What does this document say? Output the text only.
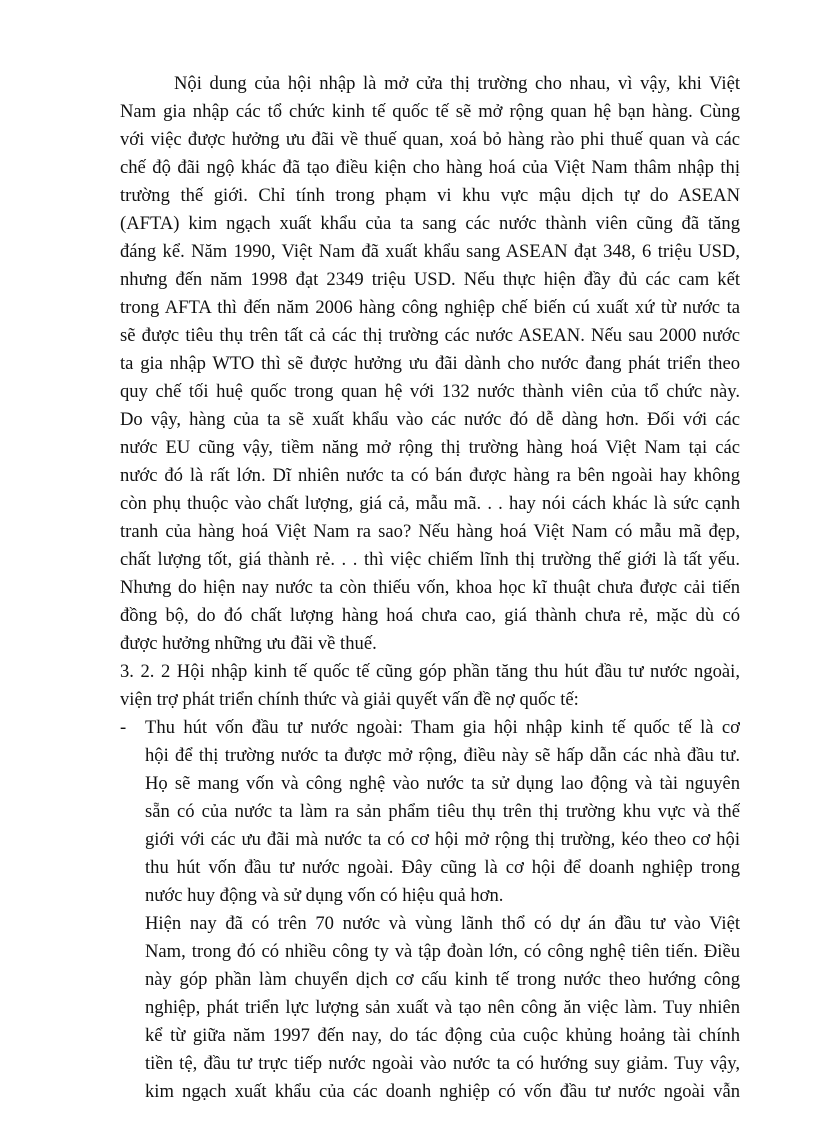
Nội dung của hội nhập là mở cửa thị trường cho nhau, vì vậy, khi Việt
Nam gia nhập các tổ chức kinh tế quốc tế sẽ mở rộng quan hệ bạn hàng. Cùng
với việc được hưởng ưu đãi về thuế quan, xoá bỏ hàng rào phi thuế quan và các
chế độ đãi ngộ khác đã tạo điều kiện cho hàng hoá của Việt Nam thâm nhập thị
trường thế giới. Chỉ tính trong phạm vi khu vực mậu dịch tự do ASEAN
(AFTA) kim ngạch xuất khẩu của ta sang các nước thành viên cũng đã tăng
đáng kể. Năm 1990, Việt Nam đã xuất khẩu sang ASEAN đạt 348, 6 triệu USD,
nhưng đến năm 1998 đạt 2349 triệu USD. Nếu thực hiện đầy đủ các cam kết
trong AFTA thì đến năm 2006 hàng công nghiệp chế biến cú xuất xứ từ nước ta
sẽ được tiêu thụ trên tất cả các thị trường các nước ASEAN. Nếu sau 2000 nước
ta gia nhập WTO thì sẽ được hưởng ưu đãi dành cho nước đang phát triển theo
quy chế tối huệ quốc trong quan hệ với 132 nước thành viên của tổ chức này.
Do vậy, hàng của ta sẽ xuất khẩu vào các nước đó dễ dàng hơn. Đối với các
nước EU cũng vậy, tiềm năng mở rộng thị trường hàng hoá Việt Nam tại các
nước đó là rất lớn. Dĩ nhiên nước ta có bán được hàng ra bên ngoài hay không
còn phụ thuộc vào chất lượng, giá cả, mẫu mã. . . hay nói cách khác là sức cạnh
tranh của hàng hoá Việt Nam ra sao? Nếu hàng hoá Việt Nam có mẫu mã đẹp,
chất lượng tốt, giá thành rẻ. . . thì việc chiếm lĩnh thị trường thế giới là tất yếu.
Nhưng do hiện nay nước ta còn thiếu vốn, khoa học kĩ thuật chưa được cải tiến
đồng bộ, do đó chất lượng hàng hoá chưa cao, giá thành chưa rẻ, mặc dù có
được hưởng những ưu đãi về thuế.
3. 2. 2 Hội nhập kinh tế quốc tế cũng góp phần tăng thu hút đầu tư nước ngoài,
viện trợ phát triển chính thức và giải quyết vấn đề nợ quốc tế:
- Thu hút vốn đầu tư nước ngoài: Tham gia hội nhập kinh tế quốc tế là cơ
hội để thị trường nước ta được mở rộng, điều này sẽ hấp dẫn các nhà đầu tư.
Họ sẽ mang vốn và công nghệ vào nước ta sử dụng lao động và tài nguyên
sẵn có của nước ta làm ra sản phẩm tiêu thụ trên thị trường khu vực và thế
giới với các ưu đãi mà nước ta có cơ hội mở rộng thị trường, kéo theo cơ hội
thu hút vốn đầu tư nước ngoài. Đây cũng là cơ hội để doanh nghiệp trong
nước huy động và sử dụng vốn có hiệu quả hơn.
Hiện nay đã có trên 70 nước và vùng lãnh thổ có dự án đầu tư vào Việt
Nam, trong đó có nhiều công ty và tập đoàn lớn, có công nghệ tiên tiến. Điều
này góp phần làm chuyển dịch cơ cấu kinh tế trong nước theo hướng công
nghiệp, phát triển lực lượng sản xuất và tạo nên công ăn việc làm. Tuy nhiên
kể từ giữa năm 1997 đến nay, do tác động của cuộc khủng hoảng tài chính
tiền tệ, đầu tư trực tiếp nước ngoài vào nước ta có hướng suy giảm. Tuy vậy,
kim ngạch xuất khẩu của các doanh nghiệp có vốn đầu tư nước ngoài vẫn
